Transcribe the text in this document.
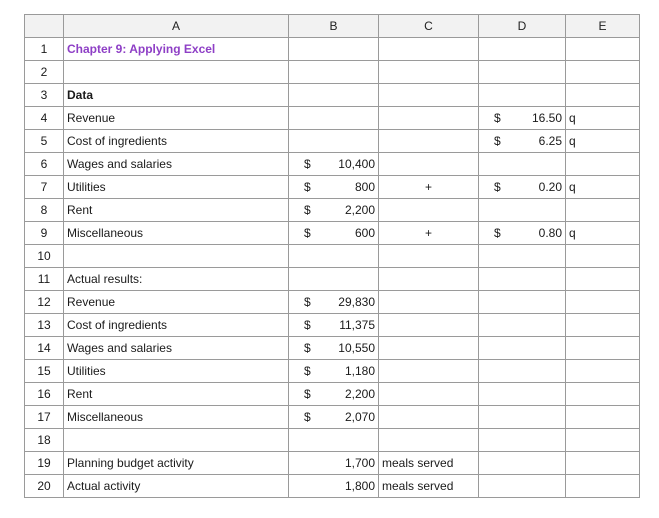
	A	B	C	D	E
1	Chapter 9: Applying Excel	

2		

3	Data	

4	Revenue			$ 16.50	q
5	Cost of ingredients			$ 6.25	q
6	Wages and salaries	$ 10,400			

7	Utilities	$ 800	+	$ 0.20	q
8	Rent	$ 2,200			

9	Miscellaneous	$ 600	+	$ 0.80	q
10		

11	Actual results:	

12	Revenue	$ 29,830			

13	Cost of ingredients	$ 11,375			

14	Wages and salaries	$ 10,550			

15	Utilities	$ 1,180			

16	Rent	$ 2,200			

17	Miscellaneous	$ 2,070			

18		

19	Planning budget activity	1,700	meals served	

20	Actual activity	1,800	meals served	
